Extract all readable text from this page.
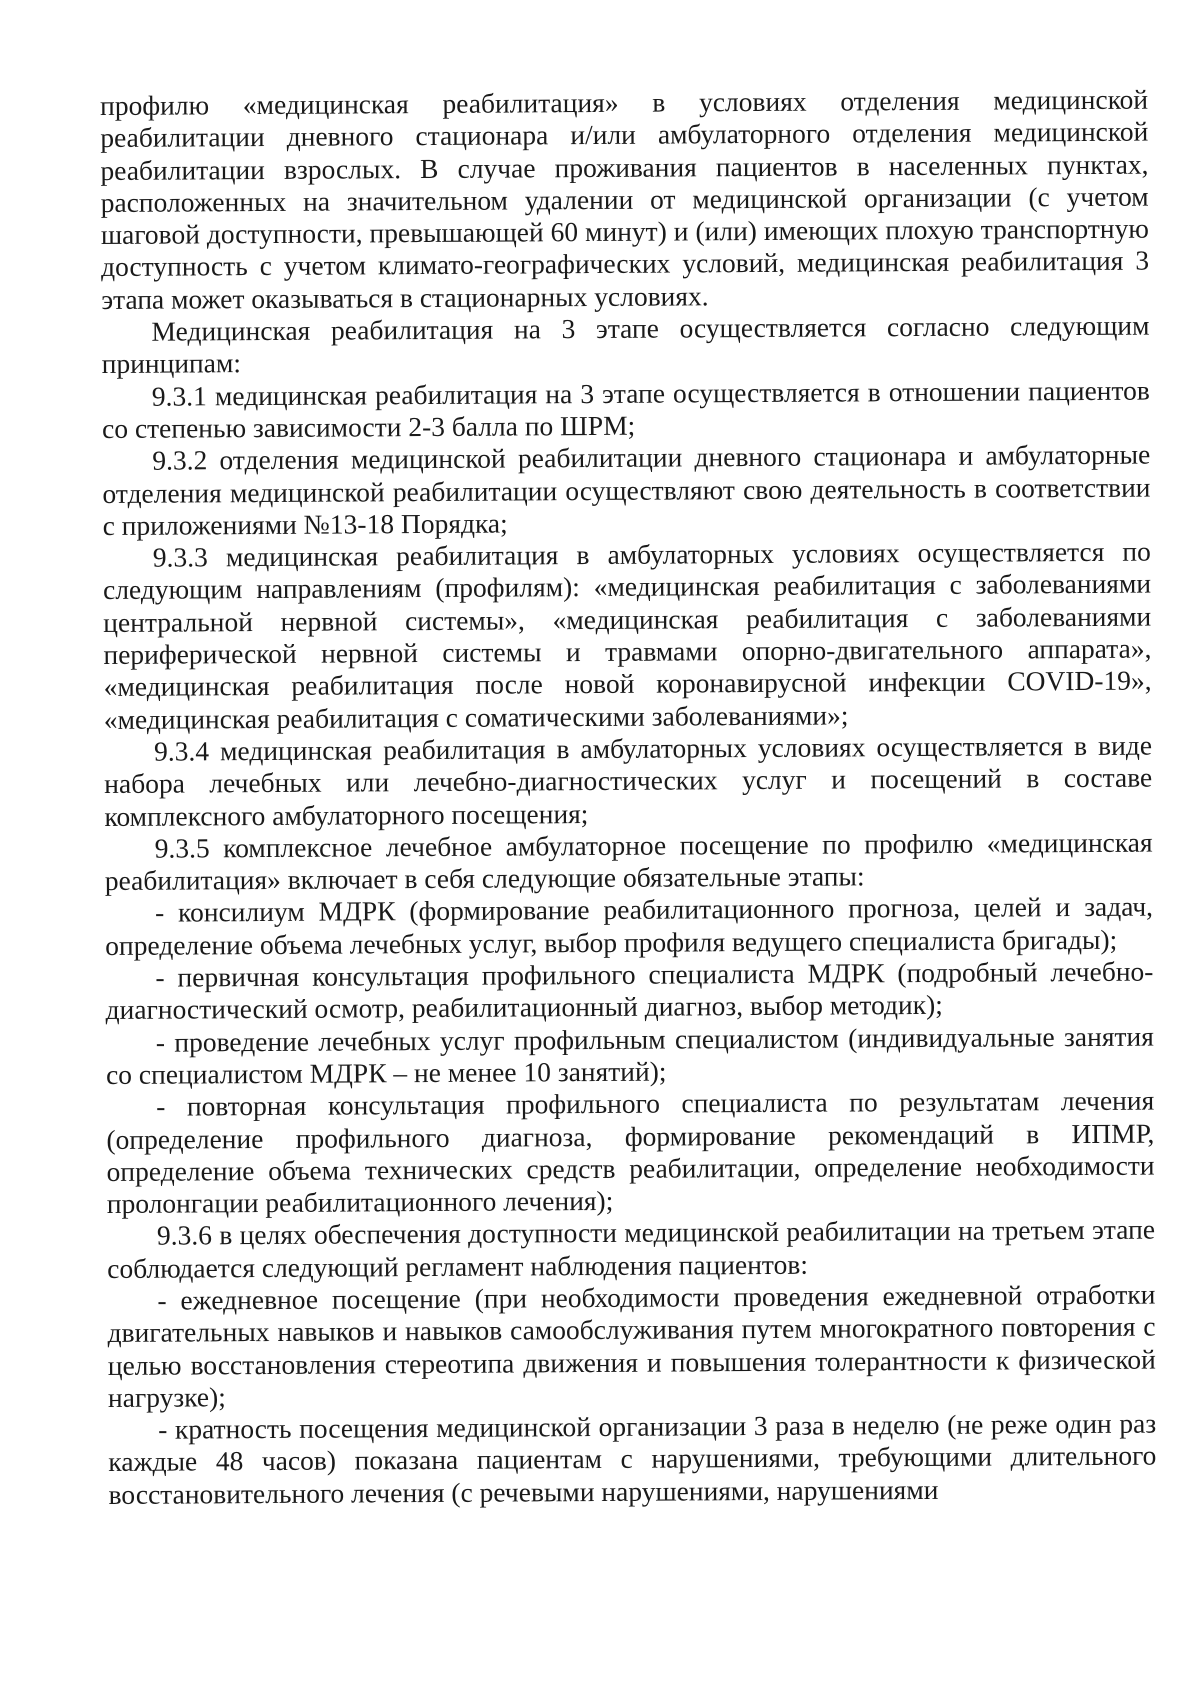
профилю «медицинская реабилитация» в условиях отделения медицинской реабилитации дневного стационара и/или амбулаторного отделения медицинской реабилитации взрослых. В случае проживания пациентов в населенных пунктах, расположенных на значительном удалении от медицинской организации (с учетом шаговой доступности, превышающей 60 минут) и (или) имеющих плохую транспортную доступность с учетом климато-географических условий, медицинская реабилитация 3 этапа может оказываться в стационарных условиях.

Медицинская реабилитация на 3 этапе осуществляется согласно следующим принципам:

9.3.1 медицинская реабилитация на 3 этапе осуществляется в отношении пациентов со степенью зависимости 2-3 балла по ШРМ;

9.3.2 отделения медицинской реабилитации дневного стационара и амбулаторные отделения медицинской реабилитации осуществляют свою деятельность в соответствии с приложениями №13-18 Порядка;

9.3.3 медицинская реабилитация в амбулаторных условиях осуществляется по следующим направлениям (профилям): «медицинская реабилитация с заболеваниями центральной нервной системы», «медицинская реабилитация с заболеваниями периферической нервной системы и травмами опорно-двигательного аппарата», «медицинская реабилитация после новой коронавирусной инфекции COVID-19», «медицинская реабилитация с соматическими заболеваниями»;

9.3.4 медицинская реабилитация в амбулаторных условиях осуществляется в виде набора лечебных или лечебно-диагностических услуг и посещений в составе комплексного амбулаторного посещения;

9.3.5 комплексное лечебное амбулаторное посещение по профилю «медицинская реабилитация» включает в себя следующие обязательные этапы:

- консилиум МДРК (формирование реабилитационного прогноза, целей и задач, определение объема лечебных услуг, выбор профиля ведущего специалиста бригады);

- первичная консультация профильного специалиста МДРК (подробный лечебно-диагностический осмотр, реабилитационный диагноз, выбор методик);

- проведение лечебных услуг профильным специалистом (индивидуальные занятия со специалистом МДРК – не менее 10 занятий);

- повторная консультация профильного специалиста по результатам лечения (определение профильного диагноза, формирование рекомендаций в ИПМР, определение объема технических средств реабилитации, определение необходимости пролонгации реабилитационного лечения);

9.3.6 в целях обеспечения доступности медицинской реабилитации на третьем этапе соблюдается следующий регламент наблюдения пациентов:

- ежедневное посещение (при необходимости проведения ежедневной отработки двигательных навыков и навыков самообслуживания путем многократного повторения с целью восстановления стереотипа движения и повышения толерантности к физической нагрузке);

- кратность посещения медицинской организации 3 раза в неделю (не реже один раз каждые 48 часов) показана пациентам с нарушениями, требующими длительного восстановительного лечения (с речевыми нарушениями, нарушениями
